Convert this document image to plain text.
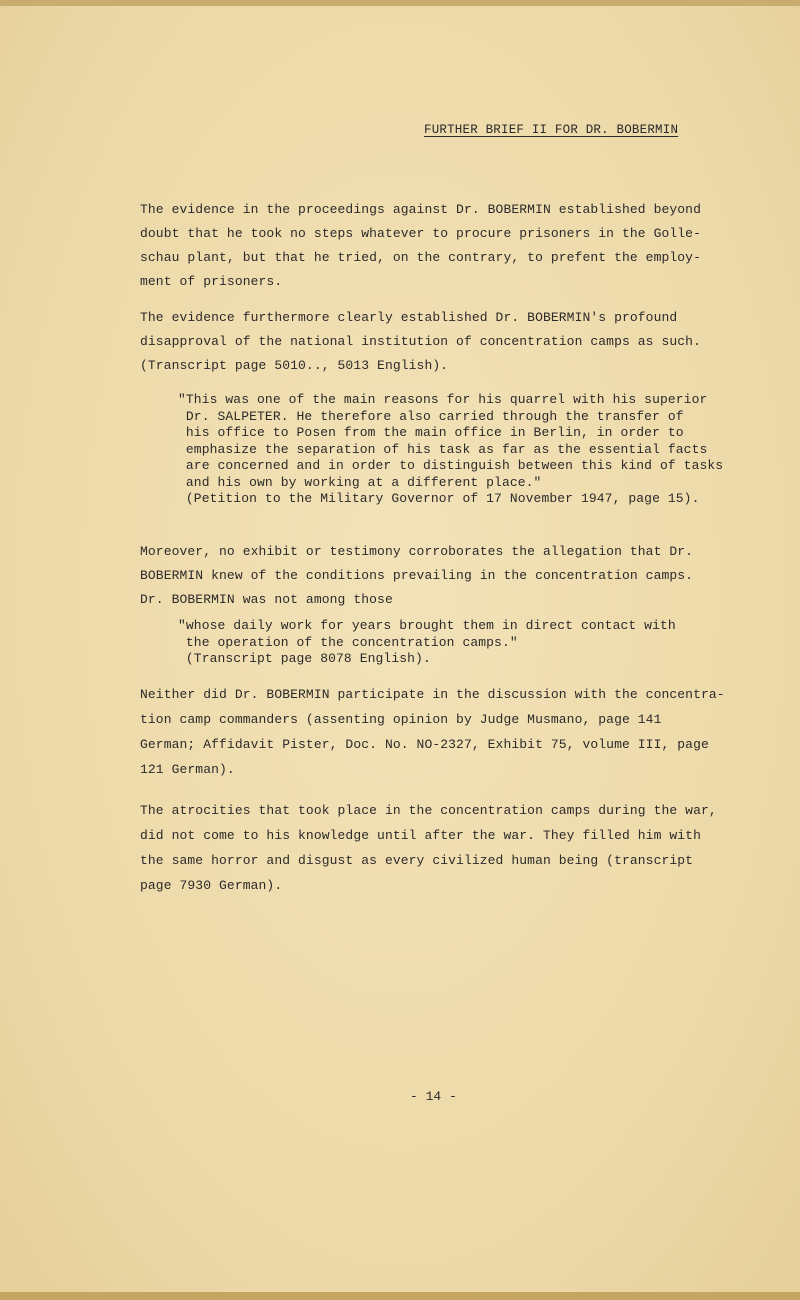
FURTHER BRIEF II FOR DR. BOBERMIN
The evidence in the proceedings against Dr. BOBERMIN established beyond
doubt that he took no steps whatever to procure prisoners in the Golle-
schau plant, but that he tried, on the contrary, to prefent the employ-
ment of prisoners.
The evidence furthermore clearly established Dr. BOBERMIN's profound
disapproval of the national institution of concentration camps as such.
(Transcript page 5010.., 5013 English).
"This was one of the main reasons for his quarrel with his superior
Dr. SALPETER. He therefore also carried through the transfer of
his office to Posen from the main office in Berlin, in order to
emphasize the separation of his task as far as the essential facts
are concerned and in order to distinguish between this kind of tasks
and his own by working at a different place."
(Petition to the Military Governor of 17 November 1947, page 15).
Moreover, no exhibit or testimony corroborates the allegation that Dr.
BOBERMIN knew of the conditions prevailing in the concentration camps.
Dr. BOBERMIN was not among those
"whose daily work for years brought them in direct contact with
the operation of the concentration camps."
(Transcript page 8078 English).
Neither did Dr. BOBERMIN participate in the discussion with the concentra-
tion camp commanders (assenting opinion by Judge Musmano, page 141
German; Affidavit Pister, Doc. No. NO-2327, Exhibit 75, volume III, page
121 German).
The atrocities that took place in the concentration camps during the war,
did not come to his knowledge until after the war. They filled him with
the same horror and disgust as every civilized human being (transcript
page 7930 German).
- 14 -
